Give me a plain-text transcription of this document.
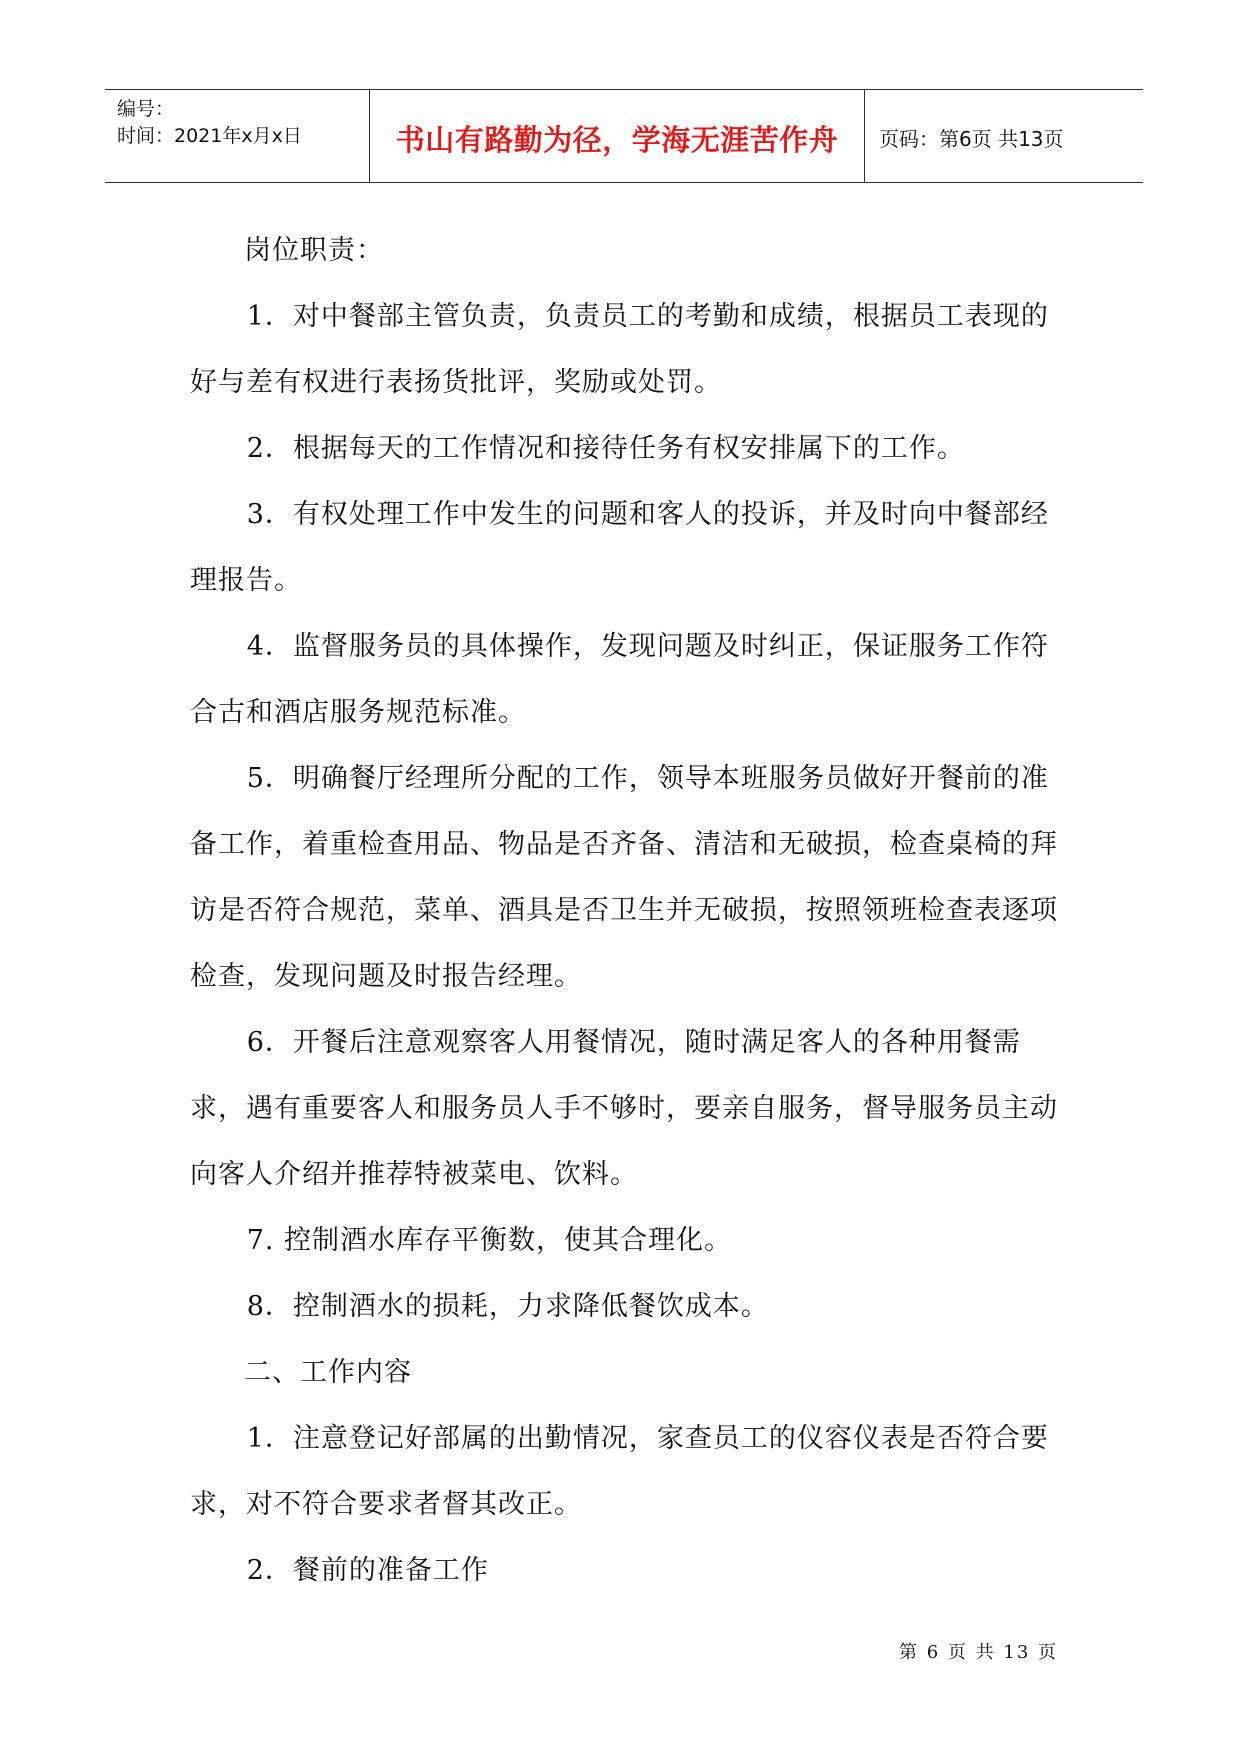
编号：
时间：2021年x月x日	书山有路勤为径，学海无涯苦作舟	页码：第6页 共13页

岗位职责：

1．对中餐部主管负责，负责员工的考勤和成绩，根据员工表现的好与差有权进行表扬货批评，奖励或处罚。

2．根据每天的工作情况和接待任务有权安排属下的工作。

3．有权处理工作中发生的问题和客人的投诉，并及时向中餐部经理报告。

4．监督服务员的具体操作，发现问题及时纠正，保证服务工作符合古和酒店服务规范标准。

5．明确餐厅经理所分配的工作，领导本班服务员做好开餐前的准备工作，着重检查用品、物品是否齐备、清洁和无破损，检查桌椅的拜访是否符合规范，菜单、酒具是否卫生并无破损，按照领班检查表逐项检查，发现问题及时报告经理。

6．开餐后注意观察客人用餐情况，随时满足客人的各种用餐需求，遇有重要客人和服务员人手不够时，要亲自服务，督导服务员主动向客人介绍并推荐特被菜电、饮料。

7. 控制酒水库存平衡数，使其合理化。

8．控制酒水的损耗，力求降低餐饮成本。

二、工作内容

1．注意登记好部属的出勤情况，家查员工的仪容仪表是否符合要求，对不符合要求者督其改正。

2．餐前的准备工作

第 6 页 共 13 页
